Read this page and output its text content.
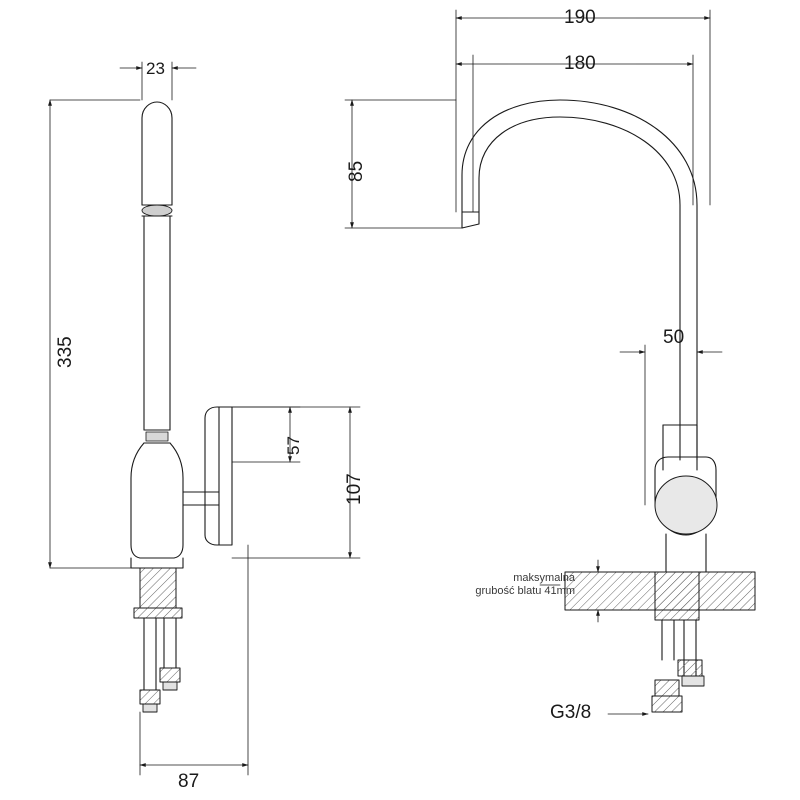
23
335
87
57
107
190
180
85
50
G3/8
maksymalna
grubość blatu 41mm
